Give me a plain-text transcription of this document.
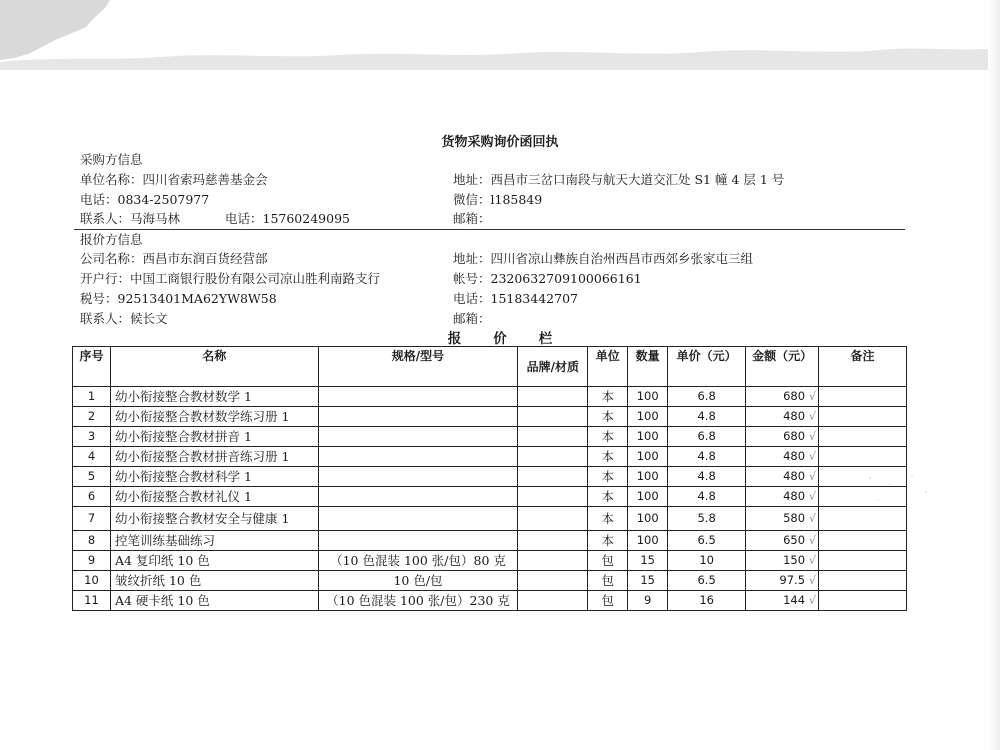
货物采购询价函回执
采购方信息
单位名称：四川省索玛慈善基金会	地址：西昌市三岔口南段与航天大道交汇处 S1 幢 4 层 1 号
电话：0834-2507977	微信：l185849
联系人：马海马林	电话：15760249095	邮箱：
报价方信息
公司名称：西昌市东润百货经营部	地址：四川省凉山彝族自治州西昌市西郊乡张家屯三组
开户行：中国工商银行股份有限公司凉山胜利南路支行	帐号：2320632709100066161
税号：92513401MA62YW8W58	电话：15183442707
联系人：候长文	邮箱：
报 价 栏
序号	名称	规格/型号	品牌/材质	单位	数量	单价（元）	金额（元）	备注
1	幼小衔接整合教材数学 1			本	100	6.8	680 √	
2	幼小衔接整合教材数学练习册 1			本	100	4.8	480 √	
3	幼小衔接整合教材拼音 1			本	100	6.8	680 √	
4	幼小衔接整合教材拼音练习册 1			本	100	4.8	480 √	
5	幼小衔接整合教材科学 1			本	100	4.8	480 √	
6	幼小衔接整合教材礼仪 1			本	100	4.8	480 √	
7	幼小衔接整合教材安全与健康 1			本	100	5.8	580 √	
8	控笔训练基础练习			本	100	6.5	650 √	
9	A4 复印纸 10 色	（10 色混装 100 张/包）80 克		包	15	10	150 √	
10	皱纹折纸 10 色	10 色/包		包	15	6.5	97.5 √	
11	A4 硬卡纸 10 色	（10 色混装 100 张/包）230 克		包	9	16	144 √	
